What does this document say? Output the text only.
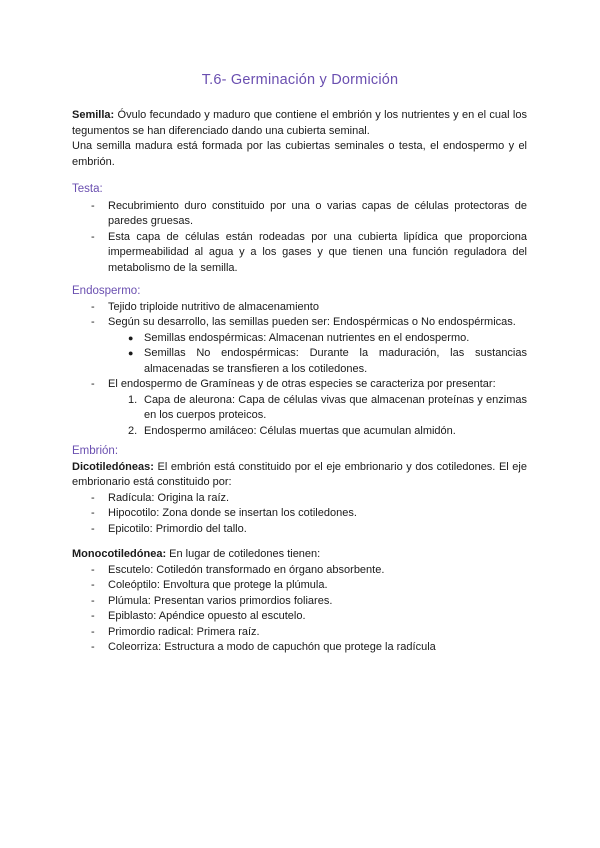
T.6- Germinación y Dormición

Semilla: Óvulo fecundado y maduro que contiene el embrión y los nutrientes y en el cual los tegumentos se han diferenciado dando una cubierta seminal.

Una semilla madura está formada por las cubiertas seminales o testa, el endospermo y el embrión.

Testa:

- Recubrimiento duro constituido por una o varias capas de células protectoras de paredes gruesas.
- Esta capa de células están rodeadas por una cubierta lipídica que proporciona impermeabilidad al agua y a los gases y que tienen una función reguladora del metabolismo de la semilla.

Endospermo:

- Tejido triploide nutritivo de almacenamiento
- Según su desarrollo, las semillas pueden ser: Endospérmicas o No endospérmicas.
● Semillas endospérmicas: Almacenan nutrientes en el endospermo.
● Semillas No endospérmicas: Durante la maduración, las sustancias almacenadas se transfieren a los cotiledones.
- El endospermo de Gramíneas y de otras especies se caracteriza por presentar:
1. Capa de aleurona: Capa de células vivas que almacenan proteínas y enzimas en los cuerpos proteicos.
2. Endospermo amiláceo: Células muertas que acumulan almidón.

Embrión:

Dicotiledóneas: El embrión está constituido por el eje embrionario y dos cotiledones. El eje embrionario está constituido por:

- Radícula: Origina la raíz.
- Hipocotilo: Zona donde se insertan los cotiledones.
- Epicotilo: Primordio del tallo.

Monocotiledónea: En lugar de cotiledones tienen:

- Escutelo: Cotiledón transformado en órgano absorbente.
- Coleóptilo: Envoltura que protege la plúmula.
- Plúmula: Presentan varios primordios foliares.
- Epiblasto: Apéndice opuesto al escutelo.
- Primordio radical: Primera raíz.
- Coleorriza: Estructura a modo de capuchón que protege la radícula
